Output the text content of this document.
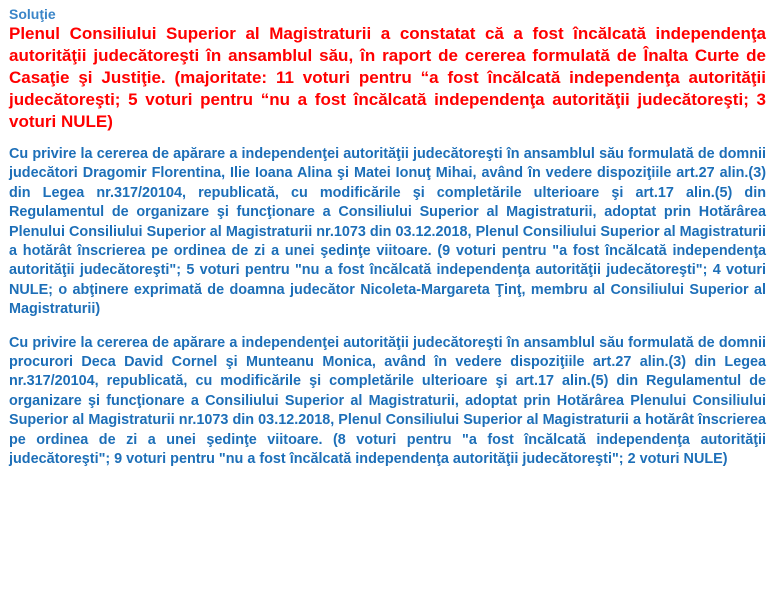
Soluţie

Plenul Consiliului Superior al Magistraturii a constatat că a fost încălcată independenţa autorităţii judecătoreşti în ansamblul său, în raport de cererea formulată de Înalta Curte de Casaţie şi Justiţie. (majoritate: 11 voturi pentru “a fost încălcată independenţa autorităţii judecătoreşti; 5 voturi pentru “nu a fost încălcată independenţa autorităţii judecătoreşti; 3 voturi NULE)

Cu privire la cererea de apărare a independenţei autorităţii judecătoreşti în ansamblul său formulată de domnii judecători Dragomir Florentina, Ilie Ioana Alina şi Matei Ionuţ Mihai, având în vedere dispoziţiile art.27 alin.(3) din Legea nr.317/20104, republicată, cu modificările şi completările ulterioare şi art.17 alin.(5) din Regulamentul de organizare şi funcţionare a Consiliului Superior al Magistraturii, adoptat prin Hotărârea Plenului Consiliului Superior al Magistraturii nr.1073 din 03.12.2018, Plenul Consiliului Superior al Magistraturii a hotărât înscrierea pe ordinea de zi a unei şedinţe viitoare. (9 voturi pentru "a fost încălcată independenţa autorităţii judecătoreşti"; 5 voturi pentru "nu a fost încălcată independenţa autorităţii judecătoreşti"; 4 voturi NULE; o abţinere exprimată de doamna judecător Nicoleta-Margareta Ţinţ, membru al Consiliului Superior al Magistraturii)

Cu privire la cererea de apărare a independenţei autorităţii judecătoreşti în ansamblul său formulată de domnii procurori Deca David Cornel şi Munteanu Monica, având în vedere dispoziţiile art.27 alin.(3) din Legea nr.317/20104, republicată, cu modificările şi completările ulterioare şi art.17 alin.(5) din Regulamentul de organizare şi funcţionare a Consiliului Superior al Magistraturii, adoptat prin Hotărârea Plenului Consiliului Superior al Magistraturii nr.1073 din 03.12.2018, Plenul Consiliului Superior al Magistraturii a hotărât înscrierea pe ordinea de zi a unei şedinţe viitoare. (8 voturi pentru "a fost încălcată independenţa autorităţii judecătoreşti"; 9 voturi pentru "nu a fost încălcată independenţa autorităţii judecătoreşti"; 2 voturi NULE)
